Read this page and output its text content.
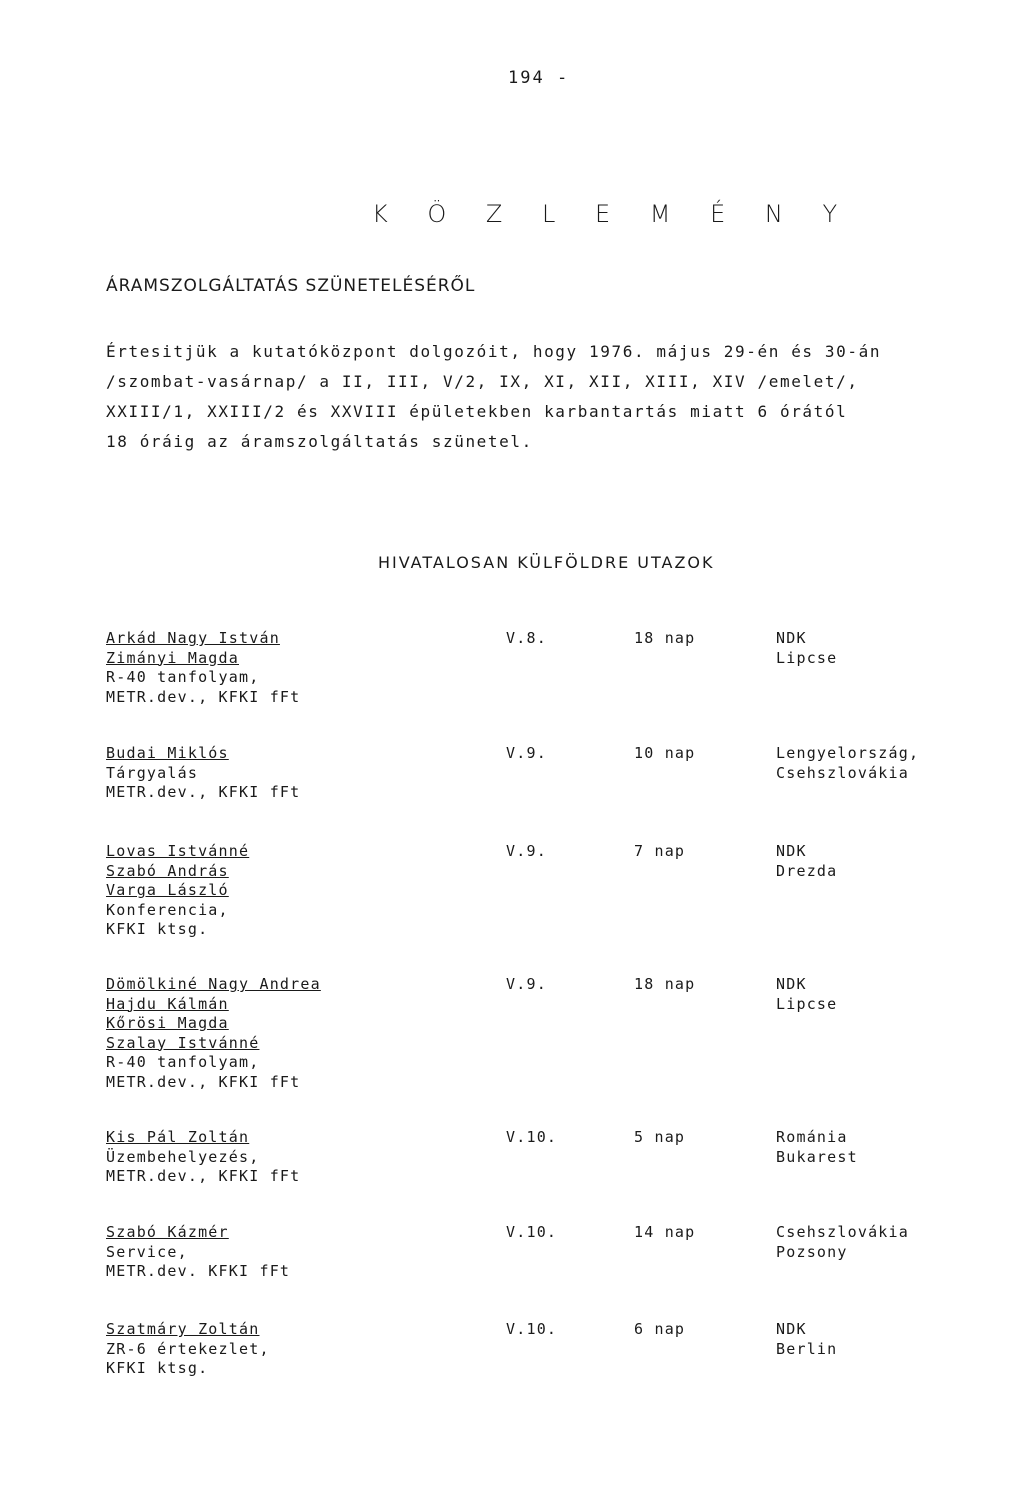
194 -
K Ö Z L E M É N Y
ÁRAMSZOLGÁLTATÁS SZÜNETELÉSÉRŐL
Értesitjük a kutatóközpont dolgozóit, hogy 1976. május 29-én és 30-án
/szombat-vasárnap/ a II, III, V/2, IX, XI, XII, XIII, XIV /emelet/,
XXIII/1, XXIII/2 és XXVIII épületekben karbantartás miatt 6 órától
18 óráig az áramszolgáltatás szünetel.
HIVATALOSAN KÜLFÖLDRE UTAZOK
Arkád Nagy István
Zimányi Magda
R-40 tanfolyam,
METR.dev., KFKI fFt
V.8.	18 nap	NDK
Lipcse
Budai Miklós
Tárgyalás
METR.dev., KFKI fFt
V.9.	10 nap	Lengyelország,
Csehszlovákia
Lovas Istvánné
Szabó András
Varga László
Konferencia,
KFKI ktsg.
V.9.	7 nap	NDK
Drezda
Dömölkiné Nagy Andrea
Hajdu Kálmán
Kőrösi Magda
Szalay Istvánné
R-40 tanfolyam,
METR.dev., KFKI fFt
V.9.	18 nap	NDK
Lipcse
Kis Pál Zoltán
Üzembehelyezés,
METR.dev., KFKI fFt
V.10.	5 nap	Románia
Bukarest
Szabó Kázmér
Service,
METR.dev. KFKI fFt
V.10.	14 nap	Csehszlovákia
Pozsony
Szatmáry Zoltán
ZR-6 értekezlet,
KFKI ktsg.
V.10.	6 nap	NDK
Berlin
